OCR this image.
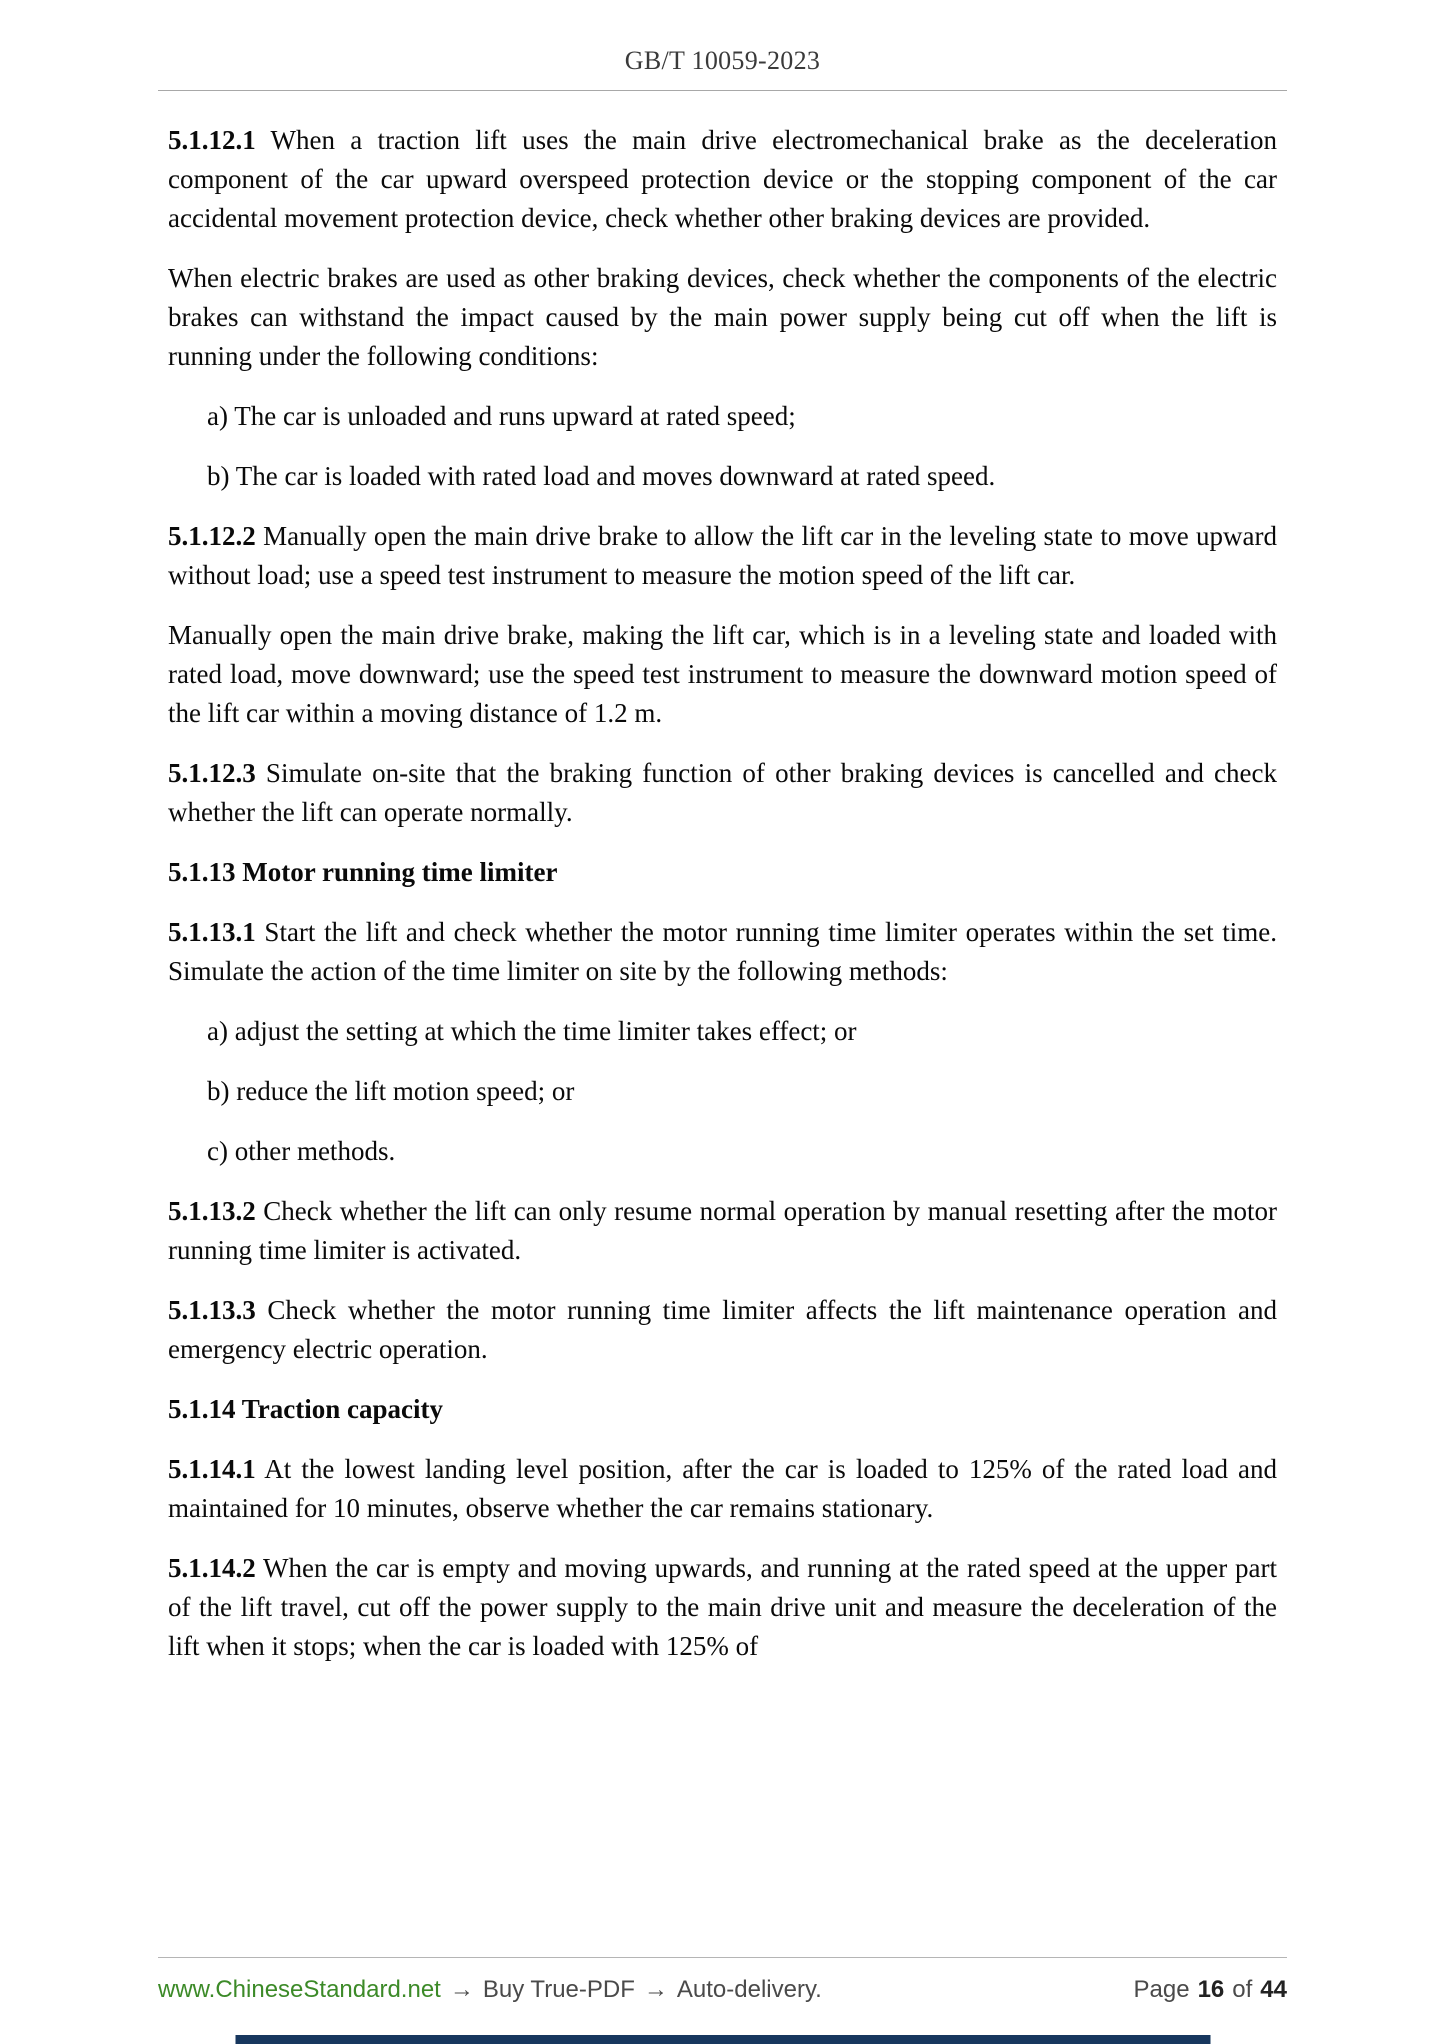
GB/T 10059-2023

5.1.12.1 When a traction lift uses the main drive electromechanical brake as the deceleration component of the car upward overspeed protection device or the stopping component of the car accidental movement protection device, check whether other braking devices are provided.

When electric brakes are used as other braking devices, check whether the components of the electric brakes can withstand the impact caused by the main power supply being cut off when the lift is running under the following conditions:

a) The car is unloaded and runs upward at rated speed;

b) The car is loaded with rated load and moves downward at rated speed.

5.1.12.2 Manually open the main drive brake to allow the lift car in the leveling state to move upward without load; use a speed test instrument to measure the motion speed of the lift car.

Manually open the main drive brake, making the lift car, which is in a leveling state and loaded with rated load, move downward; use the speed test instrument to measure the downward motion speed of the lift car within a moving distance of 1.2 m.

5.1.12.3 Simulate on-site that the braking function of other braking devices is cancelled and check whether the lift can operate normally.

5.1.13 Motor running time limiter

5.1.13.1 Start the lift and check whether the motor running time limiter operates within the set time. Simulate the action of the time limiter on site by the following methods:

a) adjust the setting at which the time limiter takes effect; or

b) reduce the lift motion speed; or

c) other methods.

5.1.13.2 Check whether the lift can only resume normal operation by manual resetting after the motor running time limiter is activated.

5.1.13.3 Check whether the motor running time limiter affects the lift maintenance operation and emergency electric operation.

5.1.14 Traction capacity

5.1.14.1 At the lowest landing level position, after the car is loaded to 125% of the rated load and maintained for 10 minutes, observe whether the car remains stationary.

5.1.14.2 When the car is empty and moving upwards, and running at the rated speed at the upper part of the lift travel, cut off the power supply to the main drive unit and measure the deceleration of the lift when it stops; when the car is loaded with 125% of

www.ChineseStandard.net → Buy True-PDF → Auto-delivery.	Page 16 of 44
